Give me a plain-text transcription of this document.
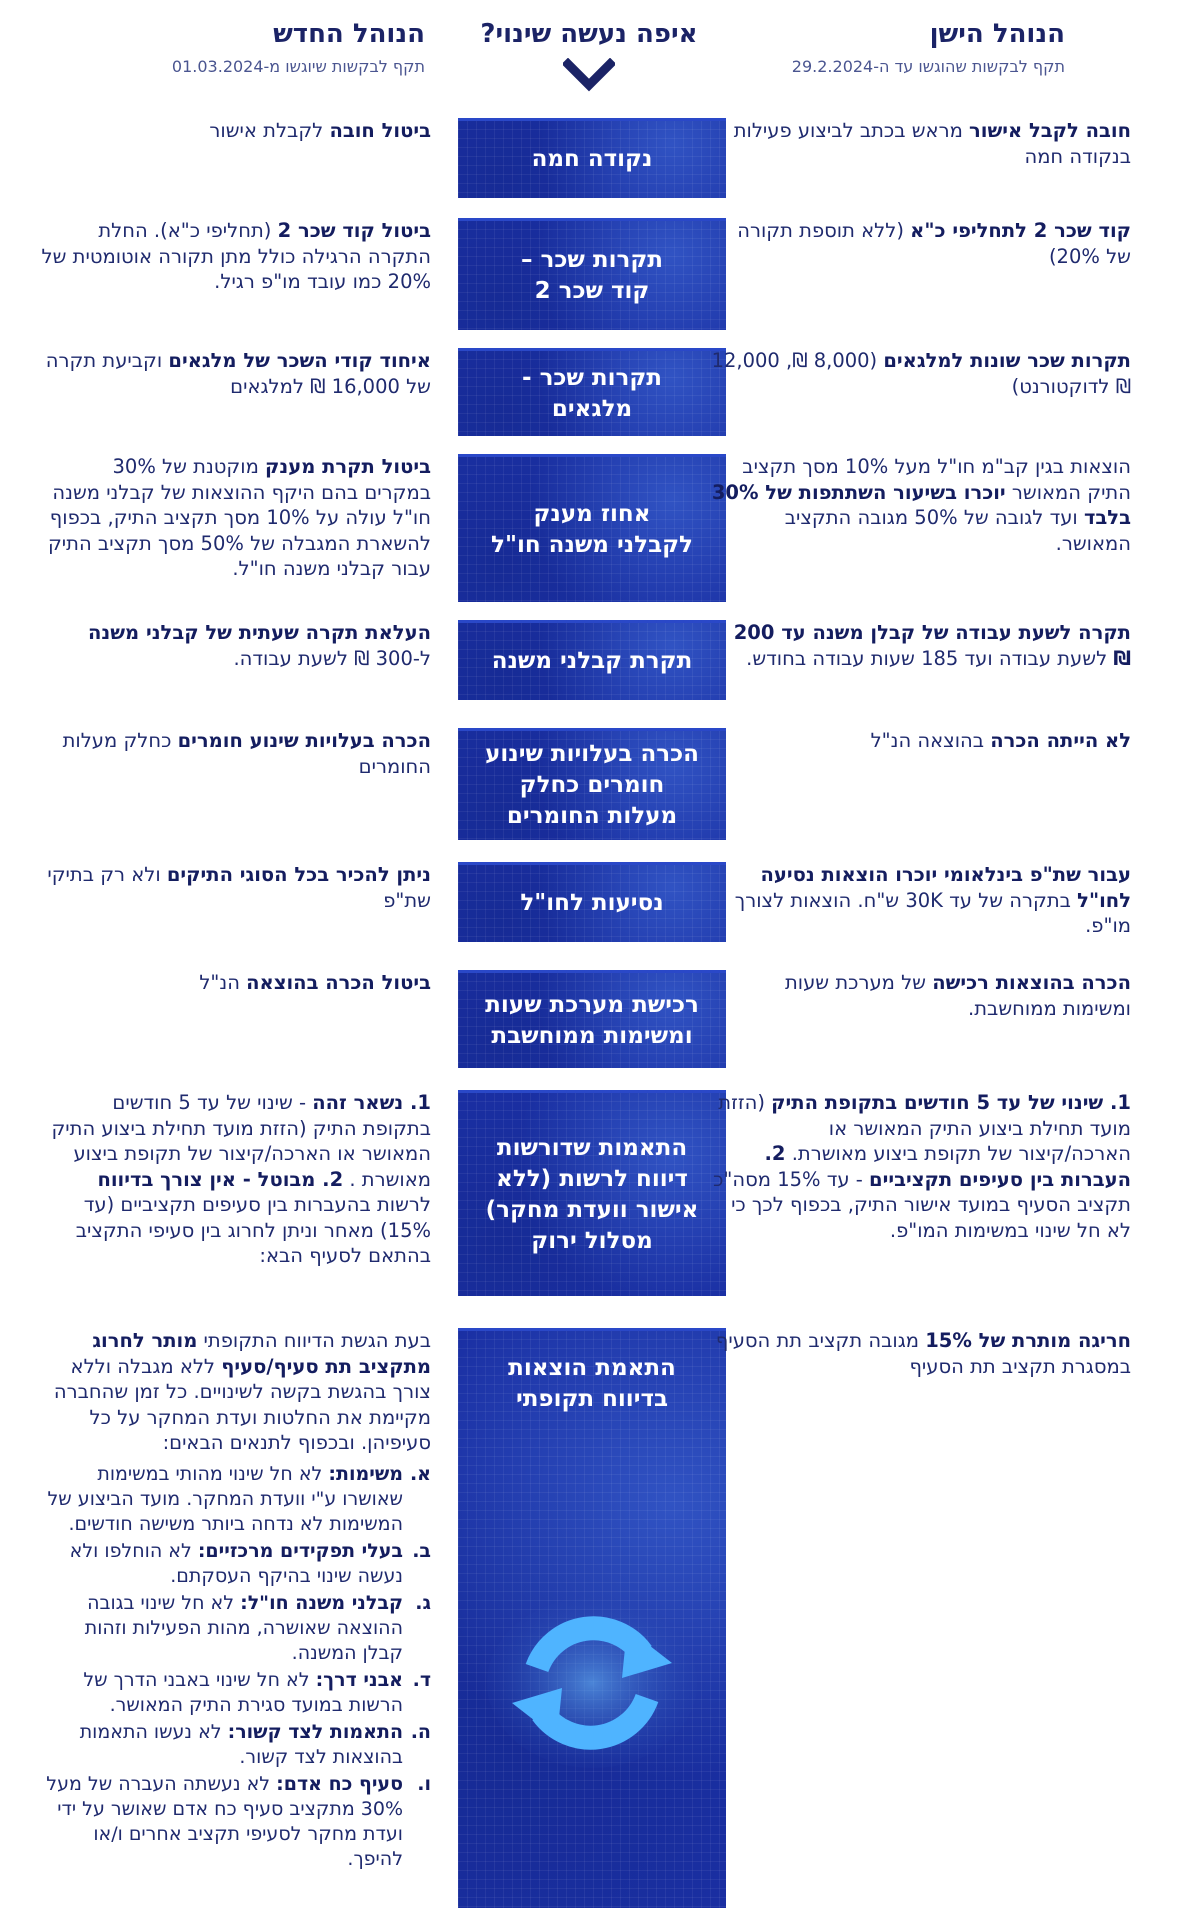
הנוהל הישן
תקף לבקשות שהוגשו עד ה-29.2.2024
איפה נעשה שינוי?
הנוהל החדש
תקף לבקשות שיוגשו מ-01.03.2024
נקודה חמה
חובה לקבל אישור מראש בכתב לביצוע פעילות בנקודה חמה
ביטול חובה לקבלת אישור
תקרות שכר –
קוד שכר 2
קוד שכר 2 לתחליפי כ"א (ללא תוספת תקורה של 20%)
ביטול קוד שכר 2 (תחליפי כ"א). החלת התקרה הרגילה כולל מתן תקורה אוטומטית של 20% כמו עובד מו"פ רגיל.
תקרות שכר -
מלגאים
תקרות שכר שונות למלגאים (8,000 ₪, 12,000 ₪ לדוקטורנט)
איחוד קודי השכר של מלגאים וקביעת תקרה של 16,000 ₪ למלגאים
אחוז מענק
לקבלני משנה חו"ל
הוצאות בגין קב"מ חו"ל מעל 10% מסך תקציב התיק המאושר יוכרו בשיעור השתתפות של 30% בלבד ועד לגובה של 50% מגובה התקציב המאושר.
ביטול תקרת מענק מוקטנת של 30% במקרים בהם היקף ההוצאות של קבלני משנה חו"ל עולה על 10% מסך תקציב התיק, בכפוף להשארת המגבלה של 50% מסך תקציב התיק עבור קבלני משנה חו"ל.
תקרת קבלני משנה
תקרה לשעת עבודה של קבלן משנה עד 200 ₪ לשעת עבודה ועד 185 שעות עבודה בחודש.
העלאת תקרה שעתית של קבלני משנה ל-300 ₪ לשעת עבודה.
הכרה בעלויות שינוע
חומרים כחלק
מעלות החומרים
לא הייתה הכרה בהוצאה הנ"ל
הכרה בעלויות שינוע חומרים כחלק מעלות החומרים
נסיעות לחו"ל
עבור שת"פ בינלאומי יוכרו הוצאות נסיעה לחו"ל בתקרה של עד 30K ש"ח. הוצאות לצורך מו"פ.
ניתן להכיר בכל הסוגי התיקים ולא רק בתיקי שת"פ
רכישת מערכת שעות
ומשימות ממוחשבת
הכרה בהוצאות רכישה של מערכת שעות ומשימות ממוחשבת.
ביטול הכרה בהוצאה הנ"ל
התאמות שדורשות
דיווח לרשות (ללא
אישור וועדת מחקר)
מסלול ירוק
1. שינוי של עד 5 חודשים בתקופת התיק (הזזת מועד תחילת ביצוע התיק המאושר או הארכה/קיצור של תקופת ביצוע מאושרת. 2. העברות בין סעיפים תקציביים - עד 15% מסה"כ תקציב הסעיף במועד אישור התיק, בכפוף לכך כי לא חל שינוי במשימות המו"פ.
1. נשאר זהה - שינוי של עד 5 חודשים בתקופת התיק (הזזת מועד תחילת ביצוע התיק המאושר או הארכה/קיצור של תקופת ביצוע מאושרת . 2. מבוטל - אין צורך בדיווח לרשות בהעברות בין סעיפים תקציביים (עד 15%) מאחר וניתן לחרוג בין סעיפי התקציב בהתאם לסעיף הבא:
התאמת הוצאות
בדיווח תקופתי
חריגה מותרת של 15% מגובה תקציב תת הסעיף במסגרת תקציב תת הסעיף
בעת הגשת הדיווח התקופתי מותר לחרוג מתקציב תת סעיף/סעיף ללא מגבלה וללא צורך בהגשת בקשה לשינויים. כל זמן שהחברה מקיימת את החלטות ועדת המחקר על כל סעיפיהן. ובכפוף לתנאים הבאים:
א.
משימות: לא חל שינוי מהותי במשימות שאושרו ע"י וועדת המחקר. מועד הביצוע של המשימות לא נדחה ביותר משישה חודשים.
ב.
בעלי תפקידים מרכזיים: לא הוחלפו ולא נעשה שינוי בהיקף העסקתם.
ג.
קבלני משנה חו"ל: לא חל שינוי בגובה ההוצאה שאושרה, מהות הפעילות וזהות קבלן המשנה.
ד.
אבני דרך: לא חל שינוי באבני הדרך של הרשות במועד סגירת התיק המאושר.
ה.
התאמות לצד קשור: לא נעשו התאמות בהוצאות לצד קשור.
ו.
סעיף כח אדם: לא נעשתה העברה של מעל 30% מתקציב סעיף כח אדם שאושר על ידי ועדת מחקר לסעיפי תקציב אחרים ו/או להיפך.
